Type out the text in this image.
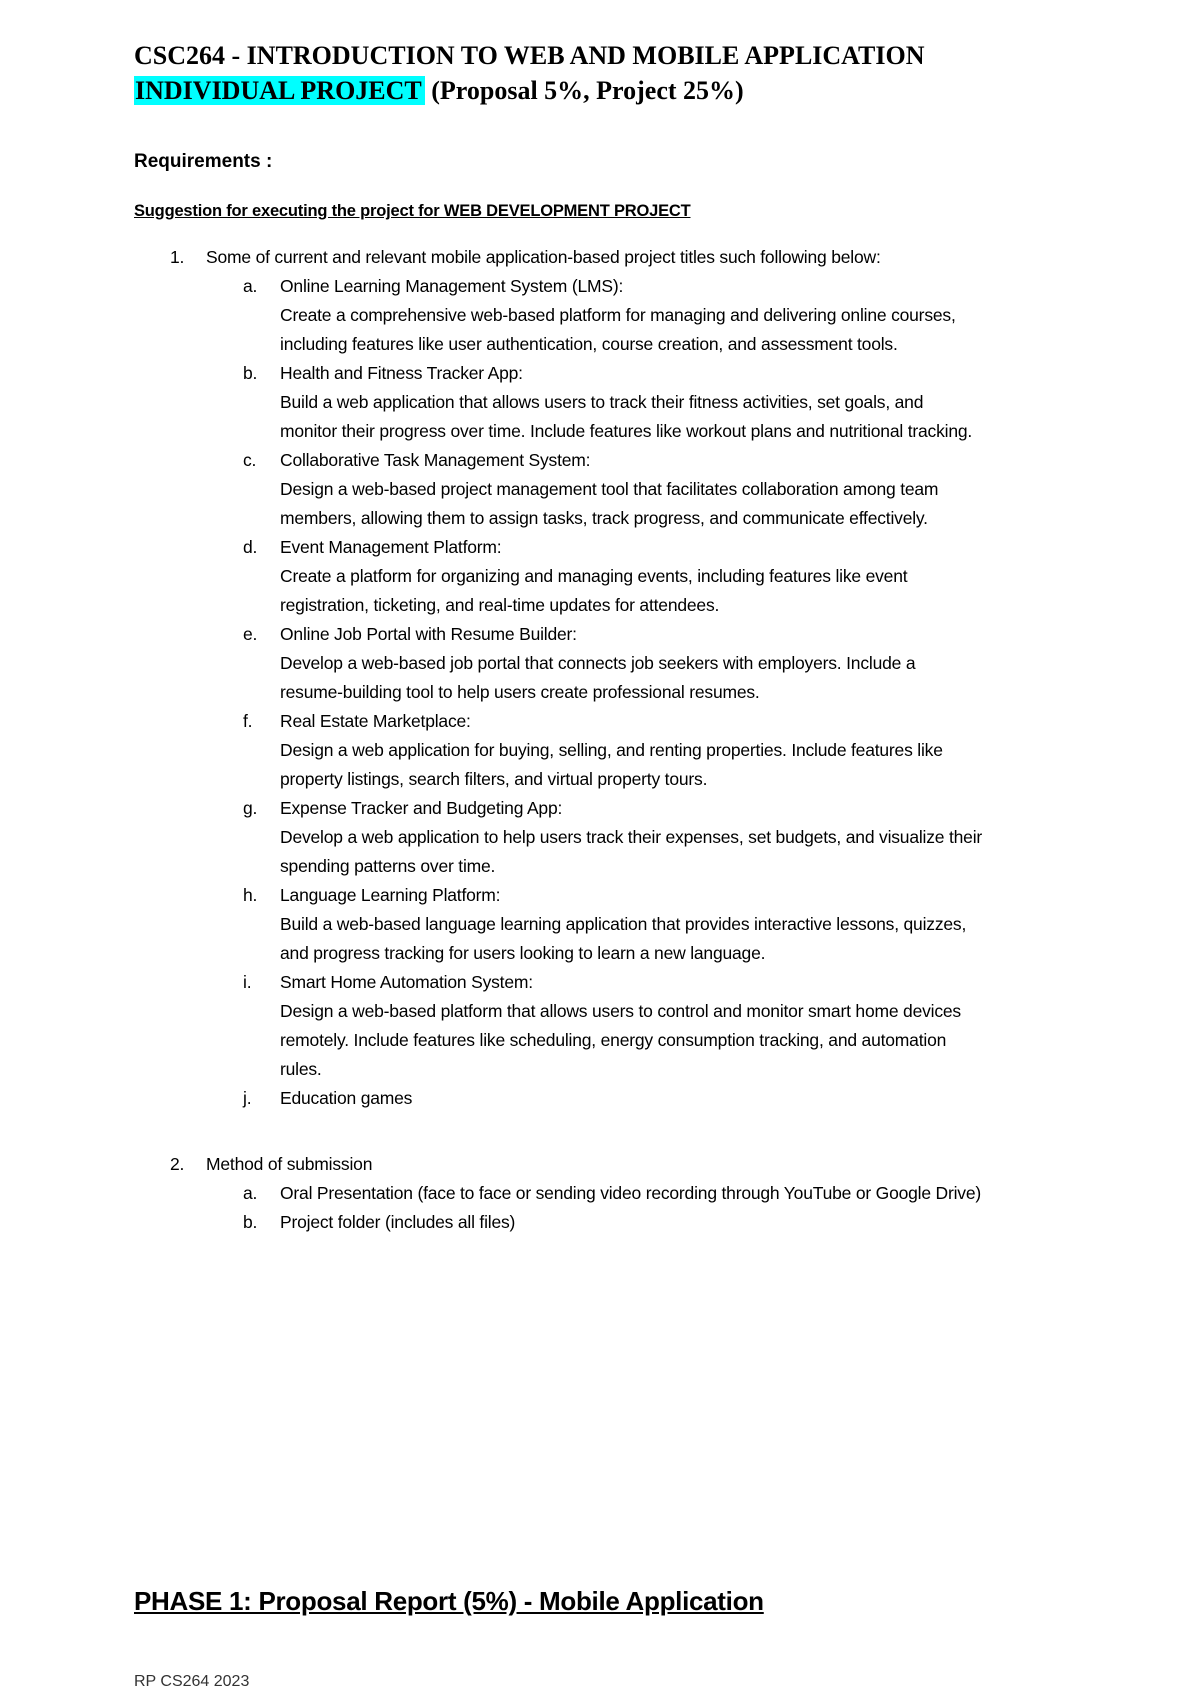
CSC264 - INTRODUCTION TO WEB AND MOBILE APPLICATION
INDIVIDUAL PROJECT (Proposal 5%, Project 25%)
Requirements :
Suggestion for executing the project for WEB DEVELOPMENT PROJECT
1.	Some of current and relevant mobile application-based project titles such following below:
a.	Online Learning Management System (LMS):
Create a comprehensive web-based platform for managing and delivering online courses,
including features like user authentication, course creation, and assessment tools.
b.	Health and Fitness Tracker App:
Build a web application that allows users to track their fitness activities, set goals, and
monitor their progress over time. Include features like workout plans and nutritional tracking.
c.	Collaborative Task Management System:
Design a web-based project management tool that facilitates collaboration among team
members, allowing them to assign tasks, track progress, and communicate effectively.
d.	Event Management Platform:
Create a platform for organizing and managing events, including features like event
registration, ticketing, and real-time updates for attendees.
e.	Online Job Portal with Resume Builder:
Develop a web-based job portal that connects job seekers with employers. Include a
resume-building tool to help users create professional resumes.
f.	Real Estate Marketplace:
Design a web application for buying, selling, and renting properties. Include features like
property listings, search filters, and virtual property tours.
g.	Expense Tracker and Budgeting App:
Develop a web application to help users track their expenses, set budgets, and visualize their
spending patterns over time.
h.	Language Learning Platform:
Build a web-based language learning application that provides interactive lessons, quizzes,
and progress tracking for users looking to learn a new language.
i.	Smart Home Automation System:
Design a web-based platform that allows users to control and monitor smart home devices
remotely. Include features like scheduling, energy consumption tracking, and automation
rules.
j.	Education games
2.	Method of submission
a.	Oral Presentation (face to face or sending video recording through YouTube or Google Drive)
b.	Project folder (includes all files)
PHASE 1: Proposal Report (5%) - Mobile Application
RP CS264 2023
